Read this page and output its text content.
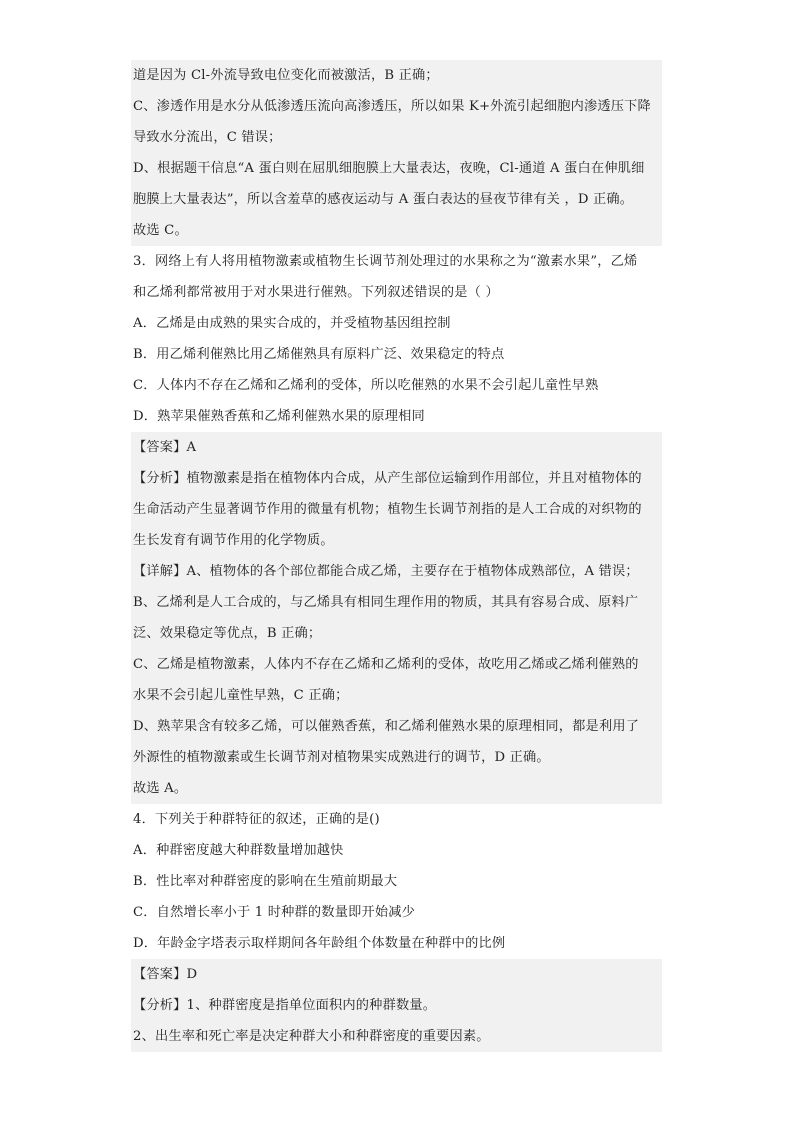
道是因为 Cl-外流导致电位变化而被激活，B 正确；
C、渗透作用是水分从低渗透压流向高渗透压，所以如果 K+外流引起细胞内渗透压下降
导致水分流出，C 错误；
D、根据题干信息“A 蛋白则在屈肌细胞膜上大量表达，夜晚，Cl-通道 A 蛋白在伸肌细
胞膜上大量表达”，所以含羞草的感夜运动与 A 蛋白表达的昼夜节律有关 ，D 正确。
故选 C。
3．网络上有人将用植物激素或植物生长调节剂处理过的水果称之为“激素水果”，乙烯
和乙烯利都常被用于对水果进行催熟。下列叙述错误的是（ ）
A．乙烯是由成熟的果实合成的，并受植物基因组控制
B．用乙烯利催熟比用乙烯催熟具有原料广泛、效果稳定的特点
C．人体内不存在乙烯和乙烯利的受体，所以吃催熟的水果不会引起儿童性早熟
D．熟苹果催熟香蕉和乙烯利催熟水果的原理相同
【答案】A
【分析】植物激素是指在植物体内合成，从产生部位运输到作用部位，并且对植物体的
生命活动产生显著调节作用的微量有机物；植物生长调节剂指的是人工合成的对织物的
生长发育有调节作用的化学物质。
【详解】A、植物体的各个部位都能合成乙烯，主要存在于植物体成熟部位，A 错误；
B、乙烯利是人工合成的，与乙烯具有相同生理作用的物质，其具有容易合成、原料广
泛、效果稳定等优点，B 正确；
C、乙烯是植物激素，人体内不存在乙烯和乙烯利的受体，故吃用乙烯或乙烯利催熟的
水果不会引起儿童性早熟，C 正确；
D、熟苹果含有较多乙烯，可以催熟香蕉，和乙烯利催熟水果的原理相同，都是利用了
外源性的植物激素或生长调节剂对植物果实成熟进行的调节，D 正确。
故选 A。
4．下列关于种群特征的叙述，正确的是()
A．种群密度越大种群数量增加越快
B．性比率对种群密度的影响在生殖前期最大
C．自然增长率小于 1 时种群的数量即开始减少
D．年龄金字塔表示取样期间各年龄组个体数量在种群中的比例
【答案】D
【分析】1、种群密度是指单位面积内的种群数量。
2、出生率和死亡率是决定种群大小和种群密度的重要因素。
